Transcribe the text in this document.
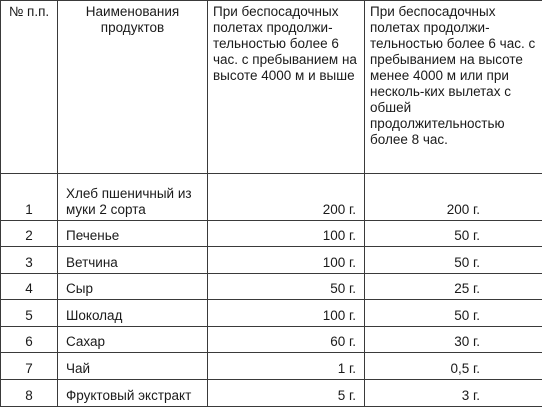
№ п.п.	Наименования продуктов	При беспосадочных полетах продолжи-тельностью более 6 час. с пребыванием на высоте 4000 м и выше	При беспосадочных полетах продолжи-тельностью более 6 час. с пребыванием на высоте менее 4000 м или при несколь-ких вылетах с обшей продолжительностью более 8 час.
1	Хлеб пшеничный из муки 2 сорта	200 г.	200 г.
2	Печенье	100 г.	50 г.
3	Ветчина	100 г.	50 г.
4	Сыр	50 г.	25 г.
5	Шоколад	100 г.	50 г.
6	Сахар	60 г.	30 г.
7	Чай	1 г.	0,5 г.
8	Фруктовый экстракт	5 г.	3 г.
